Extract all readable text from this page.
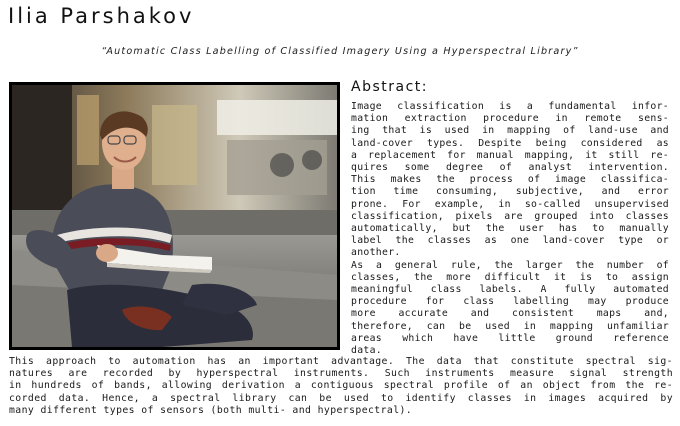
Ilia Parshakov
“Automatic Class Labelling of Classified Imagery Using a Hyperspectral Library”
Abstract:
Image classification is a fundamental infor-
mation extraction procedure in remote sens-
ing that is used in mapping of land-use and
land-cover types. Despite being considered as
a replacement for manual mapping, it still re-
quires some degree of analyst intervention.
This makes the process of image classifica-
tion time consuming, subjective, and error
prone. For example, in so-called unsupervised
classification, pixels are grouped into classes
automatically, but the user has to manually
label the classes as one land-cover type or
another.
As a general rule, the larger the number of
classes, the more difficult it is to assign
meaningful class labels. A fully automated
procedure for class labelling may produce
more accurate and consistent maps and,
therefore, can be used in mapping unfamiliar
areas which have little ground reference
data.
This approach to automation has an important advantage. The data that constitute spectral sig-
natures are recorded by hyperspectral instruments. Such instruments measure signal strength
in hundreds of bands, allowing derivation a contiguous spectral profile of an object from the re-
corded data. Hence, a spectral library can be used to identify classes in images acquired by
many different types of sensors (both multi- and hyperspectral).
